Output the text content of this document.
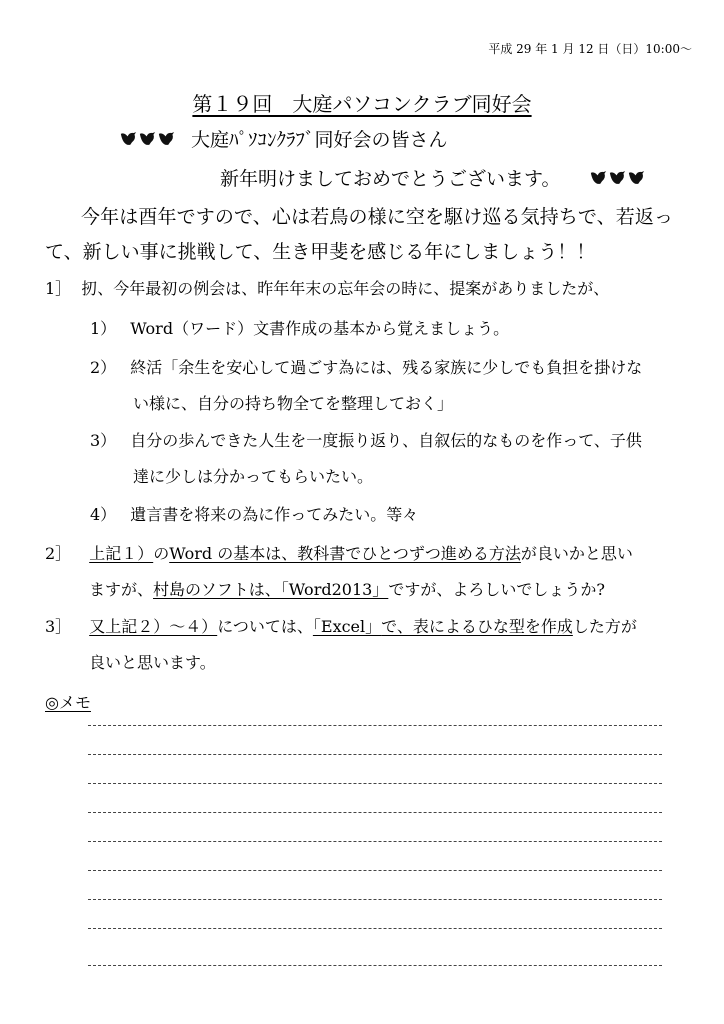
平成 29 年 1 月 12 日（日）10:00～
第１９回　大庭パソコンクラブ同好会
大庭ﾊﾟｿｺﾝｸﾗﾌﾞ同好会の皆さん
新年明けましておめでとうございます。
今年は酉年ですので、心は若鳥の様に空を駆け巡る気持ちで、若返って、新しい事に挑戦して、生き甲斐を感じる年にしましょう！！
1］ 扨、今年最初の例会は、昨年年末の忘年会の時に、提案がありましたが、
1） Word（ワード）文書作成の基本から覚えましょう。
2） 終活「余生を安心して過ごす為には、残る家族に少しでも負担を掛けな
い様に、自分の持ち物全てを整理しておく」
3） 自分の歩んできた人生を一度振り返り、自叙伝的なものを作って、子供
達に少しは分かってもらいたい。
4） 遺言書を将来の為に作ってみたい。等々
2］ 上記１）のWord の基本は、教科書でひとつずつ進める方法が良いかと思い
ますが、村島のソフトは、「Word2013」ですが、よろしいでしょうか?
3］ 又上記２）～４）については、「Excel」で、表によるひな型を作成した方が
良いと思います。
◎メモ
